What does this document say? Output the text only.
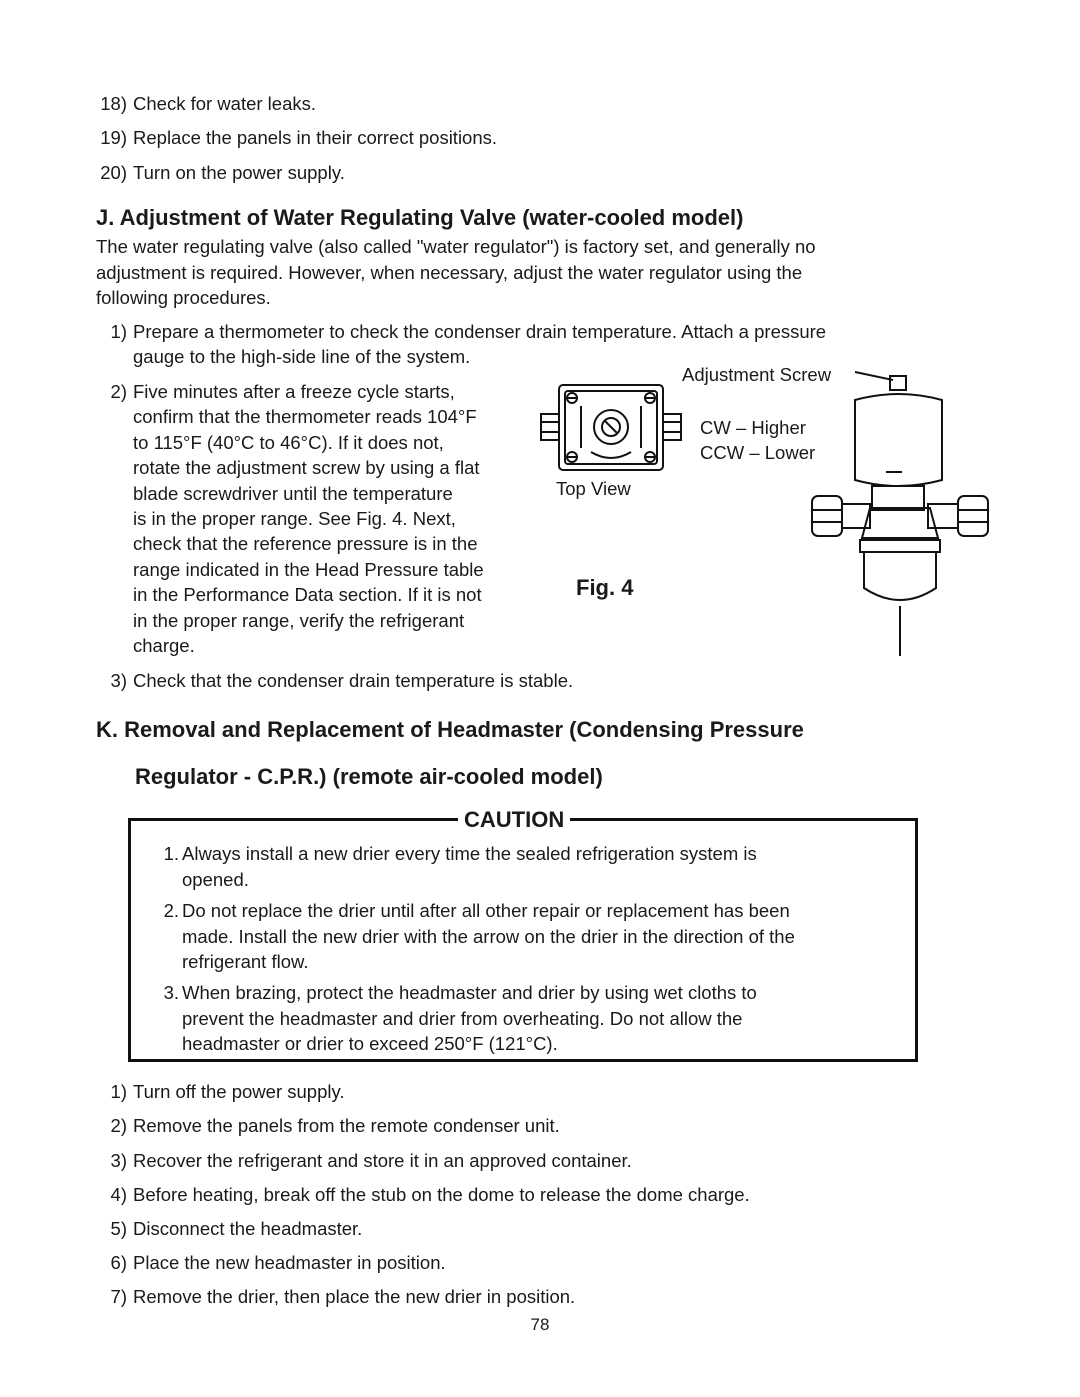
18) Check for water leaks.
19) Replace the panels in their correct positions.
20) Turn on the power supply.
J. Adjustment of Water Regulating Valve (water-cooled model)
The water regulating valve (also called "water regulator") is factory set, and generally no
adjustment is required. However, when necessary, adjust the water regulator using the
following procedures.
1) Prepare a thermometer to check the condenser drain temperature. Attach a pressure
gauge to the high-side line of the system.
2) Five minutes after a freeze cycle starts,
confirm that the thermometer reads 104°F
to 115°F (40°C to 46°C). If it does not,
rotate the adjustment screw by using a flat
blade screwdriver until the temperature
is in the proper range. See Fig. 4. Next,
check that the reference pressure is in the
range indicated in the Head Pressure table
in the Performance Data section. If it is not
in the proper range, verify the refrigerant
charge.
3) Check that the condenser drain temperature is stable.
Adjustment Screw
CW – Higher
CCW – Lower
Top View
Fig. 4
K. Removal and Replacement of Headmaster (Condensing Pressure
Regulator - C.P.R.) (remote air-cooled model)
CAUTION
1. Always install a new drier every time the sealed refrigeration system is
opened.
2. Do not replace the drier until after all other repair or replacement has been
made. Install the new drier with the arrow on the drier in the direction of the
refrigerant flow.
3. When brazing, protect the headmaster and drier by using wet cloths to
prevent the headmaster and drier from overheating. Do not allow the
headmaster or drier to exceed 250°F (121°C).
1) Turn off the power supply.
2) Remove the panels from the remote condenser unit.
3) Recover the refrigerant and store it in an approved container.
4) Before heating, break off the stub on the dome to release the dome charge.
5) Disconnect the headmaster.
6) Place the new headmaster in position.
7) Remove the drier, then place the new drier in position.
78
